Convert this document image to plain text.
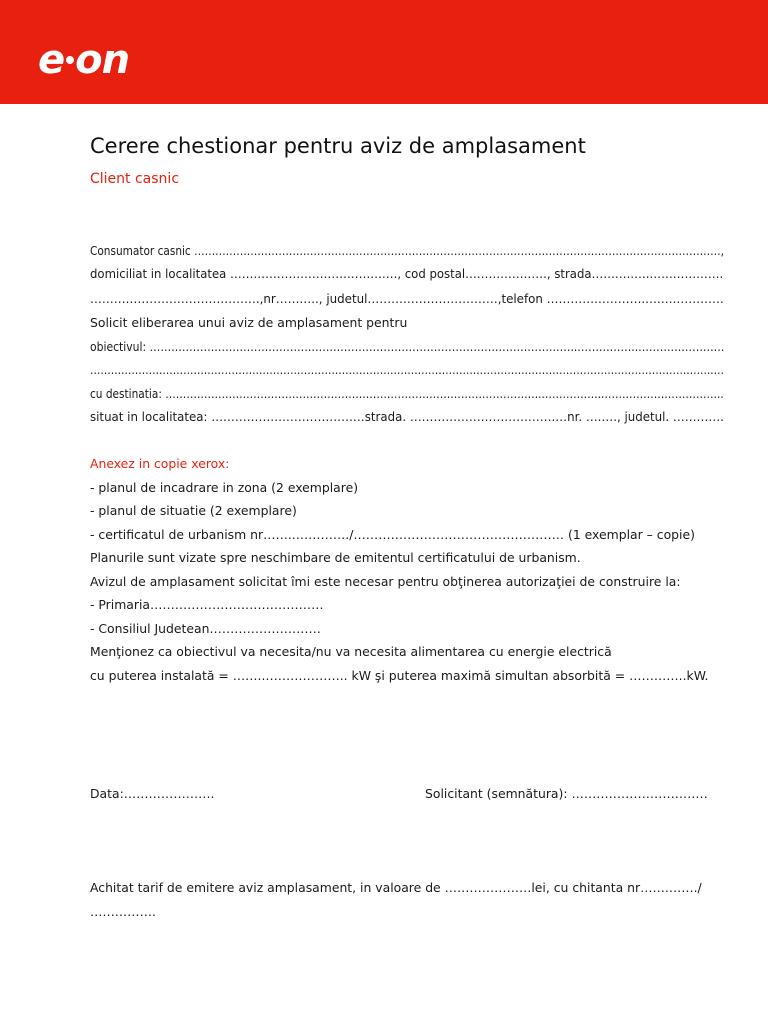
e on
Cerere chestionar pentru aviz de amplasament
Client casnic
Consumator casnic ……………………………………………………………………………………………………………………………………,
domiciliat in localitatea ……………………………………., cod postal…………………, strada……….…..……………….
…………………………………….,nr……….., judetul……………………………,telefon ……………………..…….…………
Solicit eliberarea unui aviz de amplasament pentru
obiectivul: ………………………………………………………………………………………………………..……………..……………………
………………………………………………………………………………………………………………………………………..……………………..…
cu destinatia: ……………………………………………………………………………………………..……………..……………………………..
situat in localitatea: …………………………………strada. ……………………………….…nr. ….…., judetul. ………….
Anexez in copie xerox:
- planul de incadrare in zona (2 exemplare)
- planul de situatie (2 exemplare)
- certificatul de urbanism nr……..…………./…………………………………………… (1 exemplar – copie)
Planurile sunt vizate spre neschimbare de emitentul certificatului de urbanism.
Avizul de amplasament solicitat îmi este necesar pentru obţinerea autorizaţiei de construire la:
- Primaria……………………………………
- Consiliul Judetean………………………
Menţionez ca obiectivul va necesita/nu va necesita alimentarea cu energie electrică
cu puterea instalată = ……..……………….. kW şi puterea maximă simultan absorbită = …………..kW.
Data:………………….	Solicitant (semnătura): ……………………………
Achitat tarif de emitere aviz amplasament, in valoare de …………………lei, cu chitanta nr…….……./
…………….
